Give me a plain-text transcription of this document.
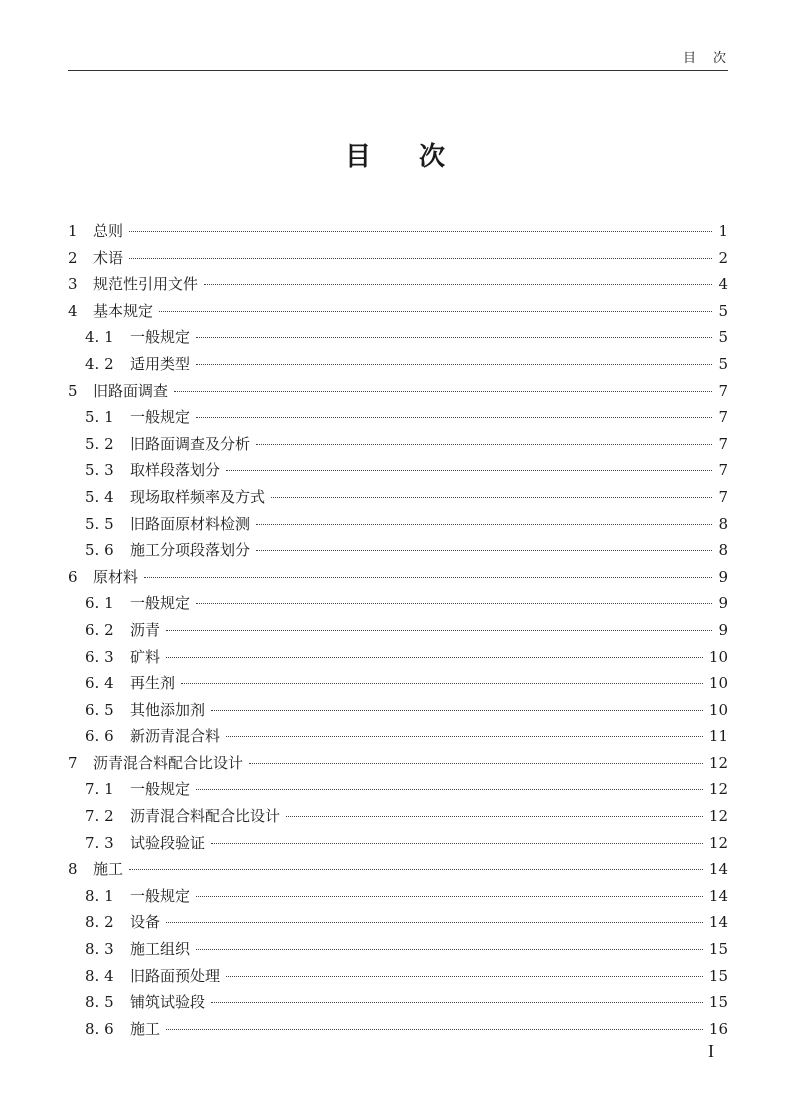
目　次
目 次
1	总则	1
2	术语	2
3	规范性引用文件	4
4	基本规定	5
4. 1	一般规定	5
4. 2	适用类型	5
5	旧路面调查	7
5. 1	一般规定	7
5. 2	旧路面调查及分析	7
5. 3	取样段落划分	7
5. 4	现场取样频率及方式	7
5. 5	旧路面原材料检测	8
5. 6	施工分项段落划分	8
6	原材料	9
6. 1	一般规定	9
6. 2	沥青	9
6. 3	矿料	10
6. 4	再生剂	10
6. 5	其他添加剂	10
6. 6	新沥青混合料	11
7	沥青混合料配合比设计	12
7. 1	一般规定	12
7. 2	沥青混合料配合比设计	12
7. 3	试验段验证	12
8	施工	14
8. 1	一般规定	14
8. 2	设备	14
8. 3	施工组织	15
8. 4	旧路面预处理	15
8. 5	铺筑试验段	15
8. 6	施工	16
I
